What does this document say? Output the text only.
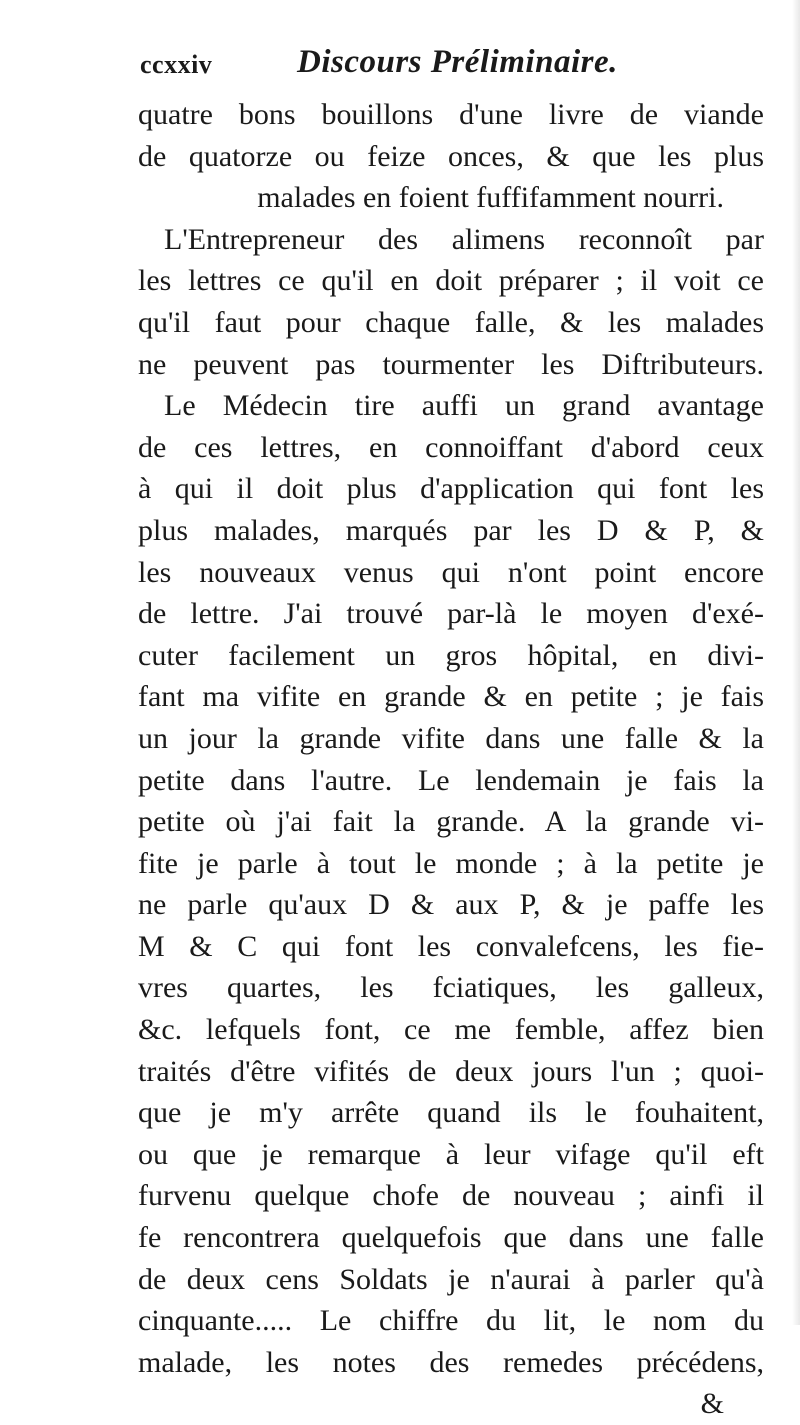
ccxxiv	Discours Préliminaire.
quatre bons bouillons d'une livre de viande
de quatorze ou feize onces, & que les plus
malades en foient fuffifamment nourri.
L'Entrepreneur des alimens reconnoît par
les lettres ce qu'il en doit préparer ; il voit ce
qu'il faut pour chaque falle, & les malades
ne peuvent pas tourmenter les Diftributeurs.
Le Médecin tire auffi un grand avantage
de ces lettres, en connoiffant d'abord ceux
à qui il doit plus d'application qui font les
plus malades, marqués par les D & P, &
les nouveaux venus qui n'ont point encore
de lettre. J'ai trouvé par-là le moyen d'exé-
cuter facilement un gros hôpital, en divi-
fant ma vifite en grande & en petite ; je fais
un jour la grande vifite dans une falle & la
petite dans l'autre. Le lendemain je fais la
petite où j'ai fait la grande. A la grande vi-
fite je parle à tout le monde ; à la petite je
ne parle qu'aux D & aux P, & je paffe les
M & C qui font les convalefcens, les fie-
vres quartes, les fciatiques, les galleux,
&c. lefquels font, ce me femble, affez bien
traités d'être vifités de deux jours l'un ; quoi-
que je m'y arrête quand ils le fouhaitent,
ou que je remarque à leur vifage qu'il eft
furvenu quelque chofe de nouveau ; ainfi il
fe rencontrera quelquefois que dans une falle
de deux cens Soldats je n'aurai à parler qu'à
cinquante..... Le chiffre du lit, le nom du
malade, les notes des remedes précédens,
&
